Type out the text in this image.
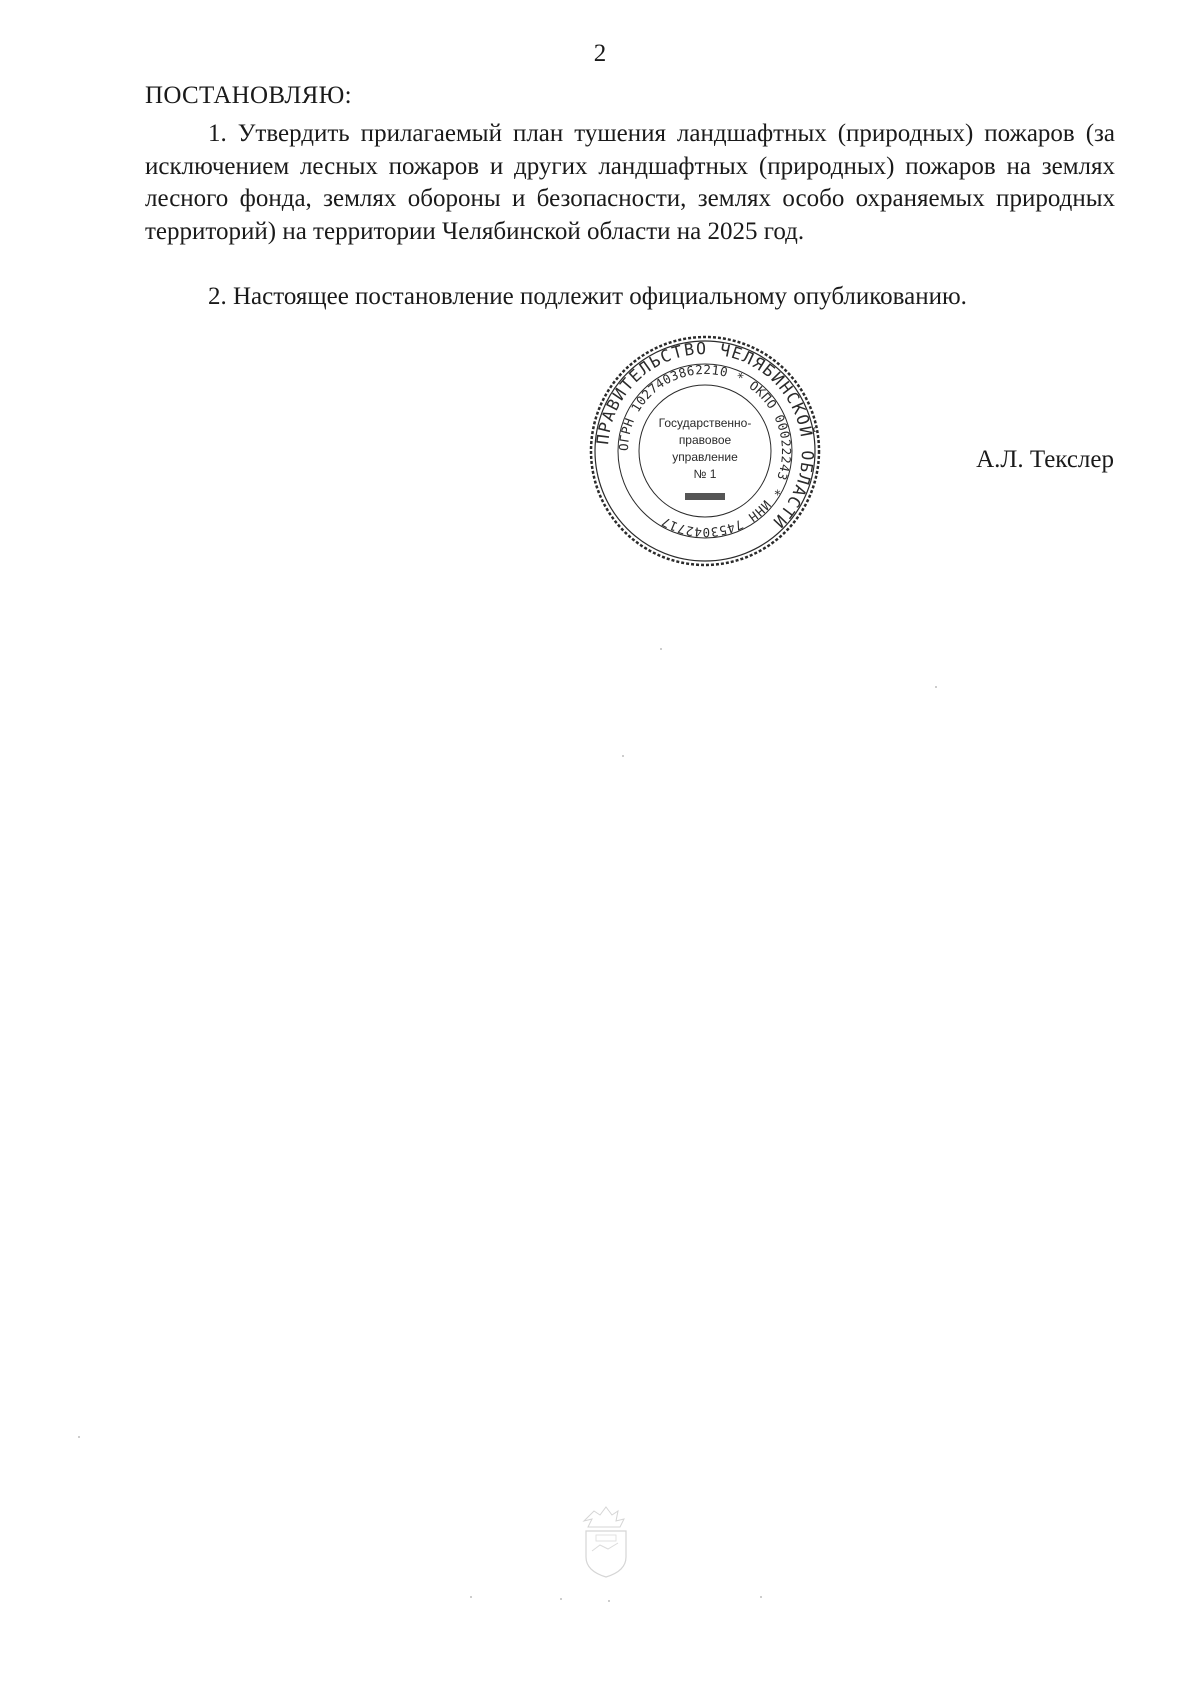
2
ПОСТАНОВЛЯЮ:
1. Утвердить прилагаемый план тушения ландшафтных (природных) пожаров (за исключением лесных пожаров и других ландшафтных (природных) пожаров на землях лесного фонда, землях обороны и безопасности, землях особо охраняемых природных территорий) на территории Челябинской области на 2025 год.
2. Настоящее постановление подлежит официальному опубликованию.
ПРАВИТЕЛЬСТВО ЧЕЛЯБИНСКОЙ ОБЛАСТИ
ОГРН 1027403862210 * ОКПО 00022243 * ИНН 7453042717
Государственно-
правовое
управление
№ 1
А.Л. Текслер
